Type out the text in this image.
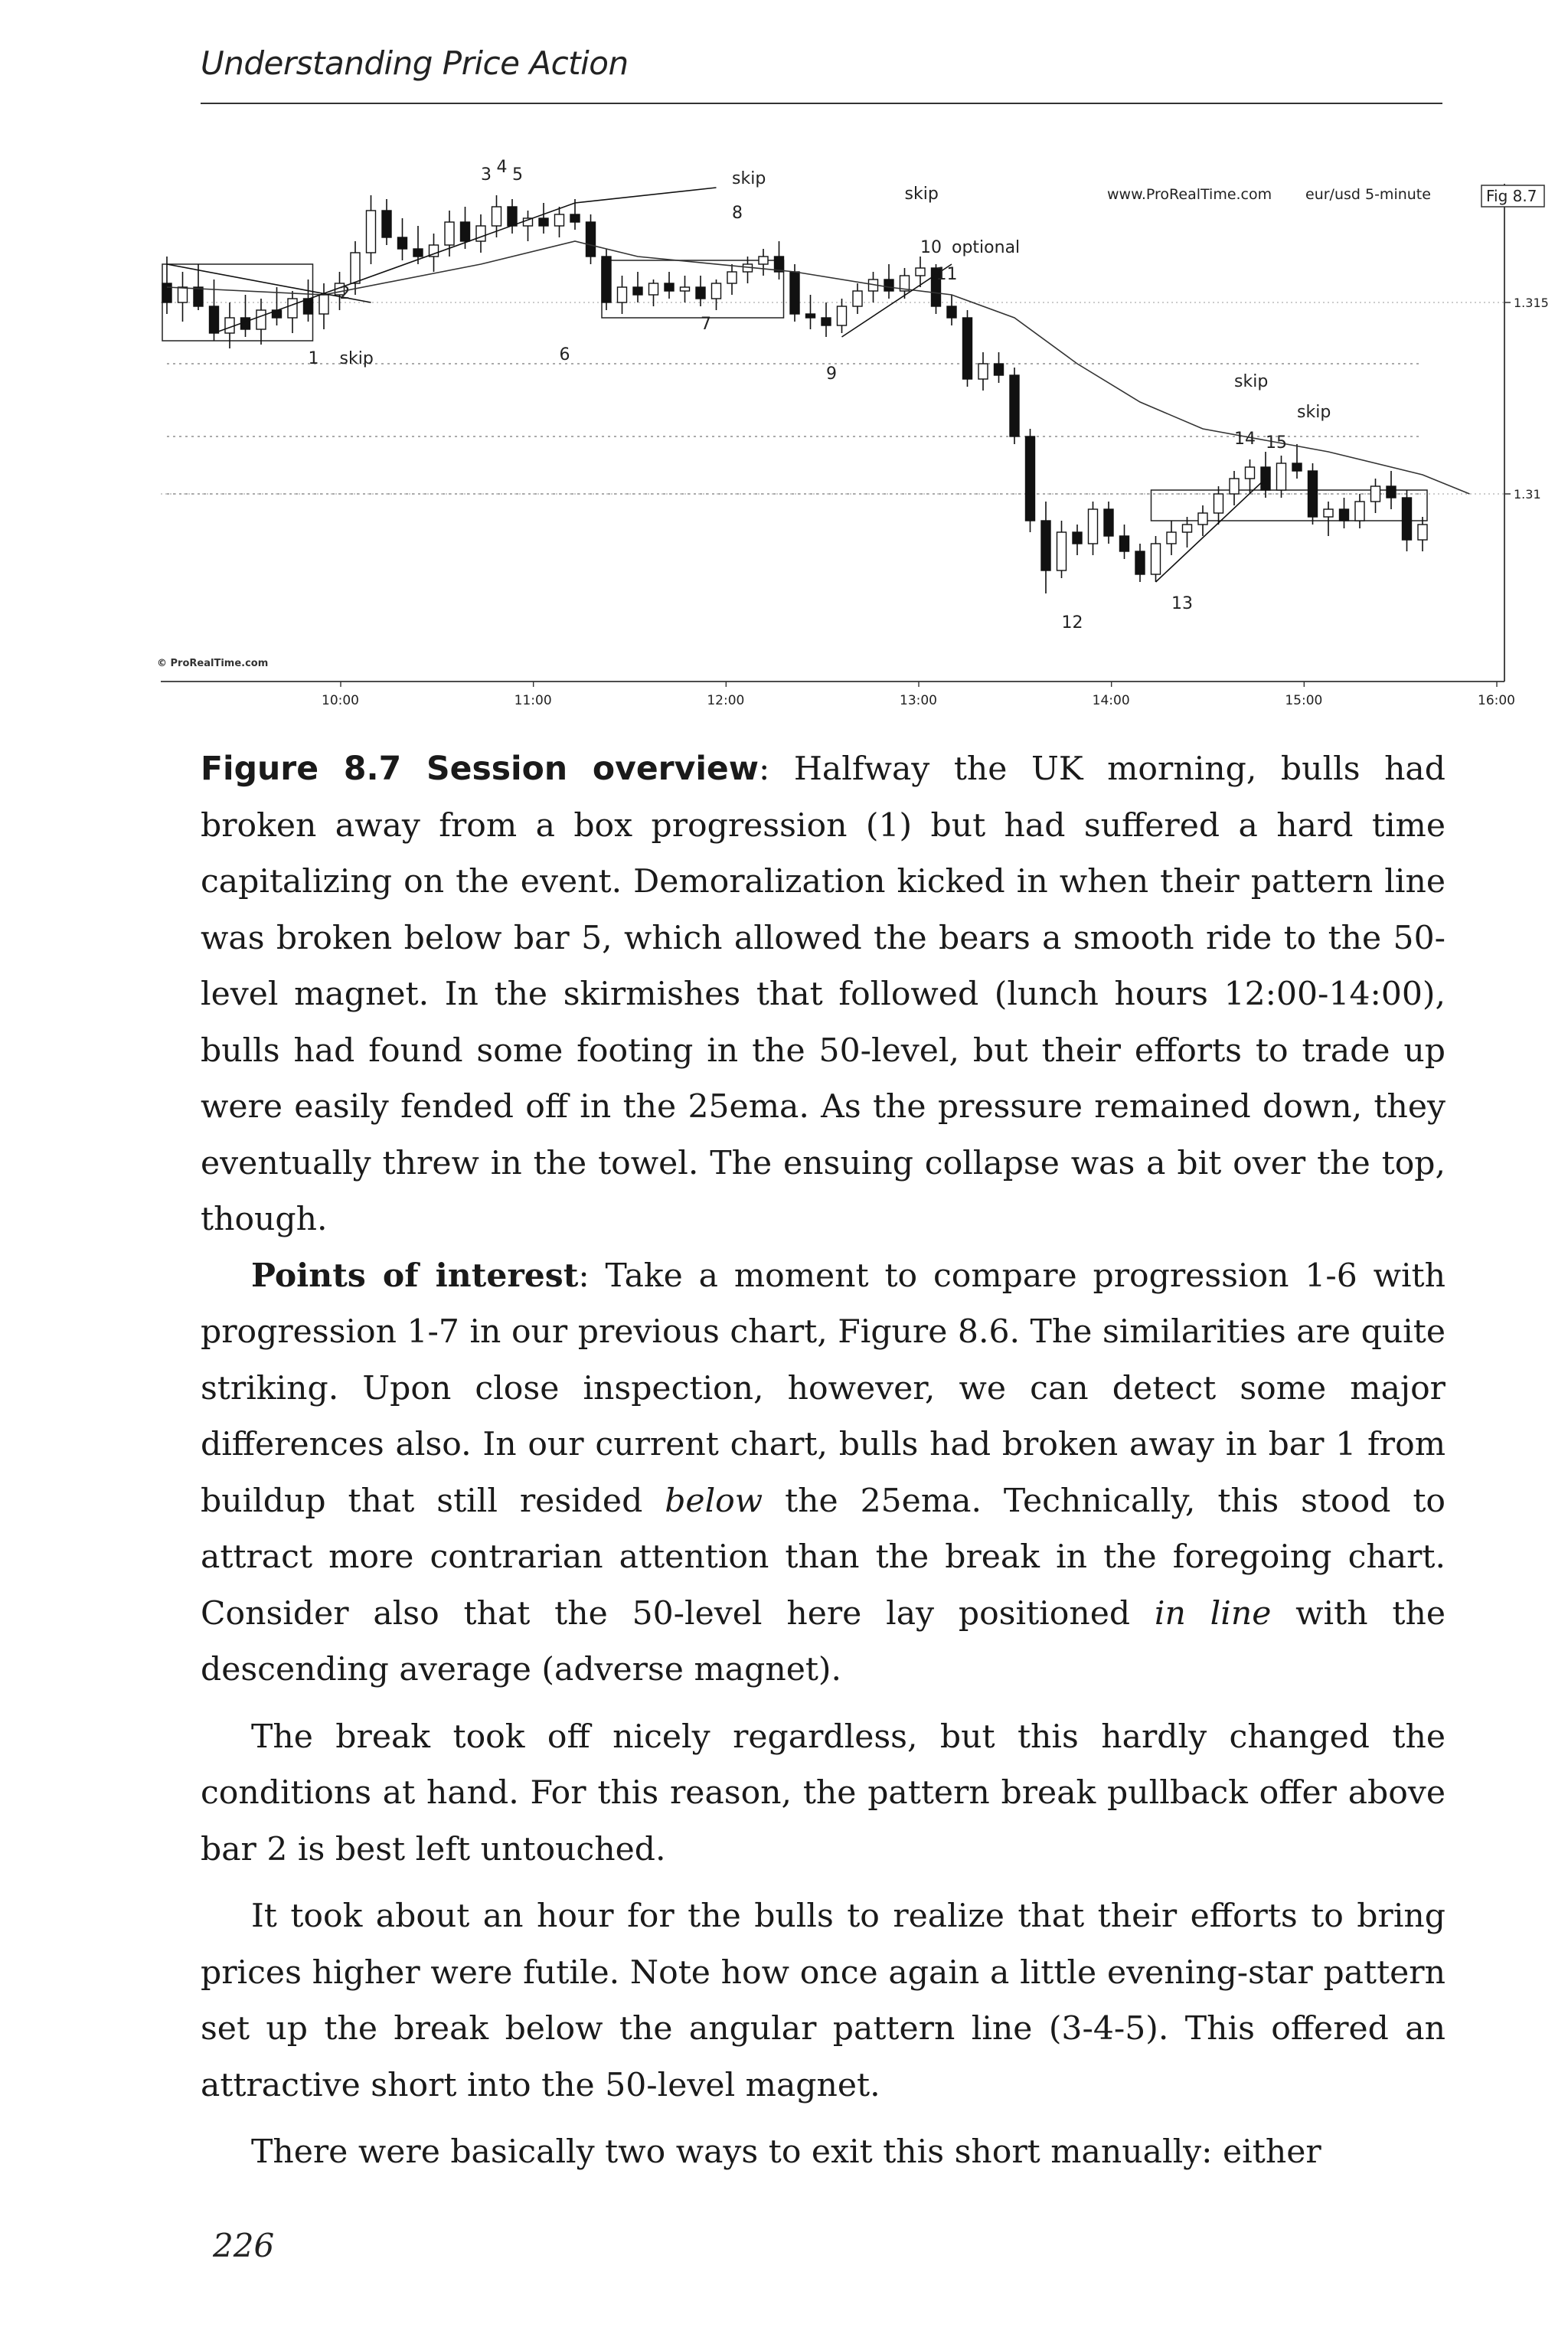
Understanding Price Action
1 skip
2
3 4 5	skip
8
6
7
9
skip
10 optional
11
12
13
skip
skip
14 15
1.315
1.31
10:00	11:00	12:00	13:00	14:00	15:00	16:00
www.ProRealTime.com eur/usd 5-minute	Fig 8.7
© ProRealTime.com

Figure 8.7 Session overview: Halfway the UK morning, bulls had broken away from a box progression (1) but had suffered a hard time capitalizing on the event. Demoralization kicked in when their pattern line was broken below bar 5, which allowed the bears a smooth ride to the 50-level magnet. In the skirmishes that followed (lunch hours 12:00-14:00), bulls had found some footing in the 50-level, but their efforts to trade up were easily fended off in the 25ema. As the pressure remained down, they eventually threw in the towel. The ensuing collapse was a bit over the top, though.

Points of interest: Take a moment to compare progression 1-6 with progression 1-7 in our previous chart, Figure 8.6. The similarities are quite striking. Upon close inspection, however, we can detect some major differences also. In our current chart, bulls had broken away in bar 1 from buildup that still resided below the 25ema. Technically, this stood to attract more contrarian attention than the break in the foregoing chart. Consider also that the 50-level here lay positioned in line with the descending average (adverse magnet).

The break took off nicely regardless, but this hardly changed the conditions at hand. For this reason, the pattern break pullback offer above bar 2 is best left untouched.

It took about an hour for the bulls to realize that their efforts to bring prices higher were futile. Note how once again a little evening-star pattern set up the break below the angular pattern line (3-4-5). This offered an attractive short into the 50-level magnet.

There were basically two ways to exit this short manually: either

226
